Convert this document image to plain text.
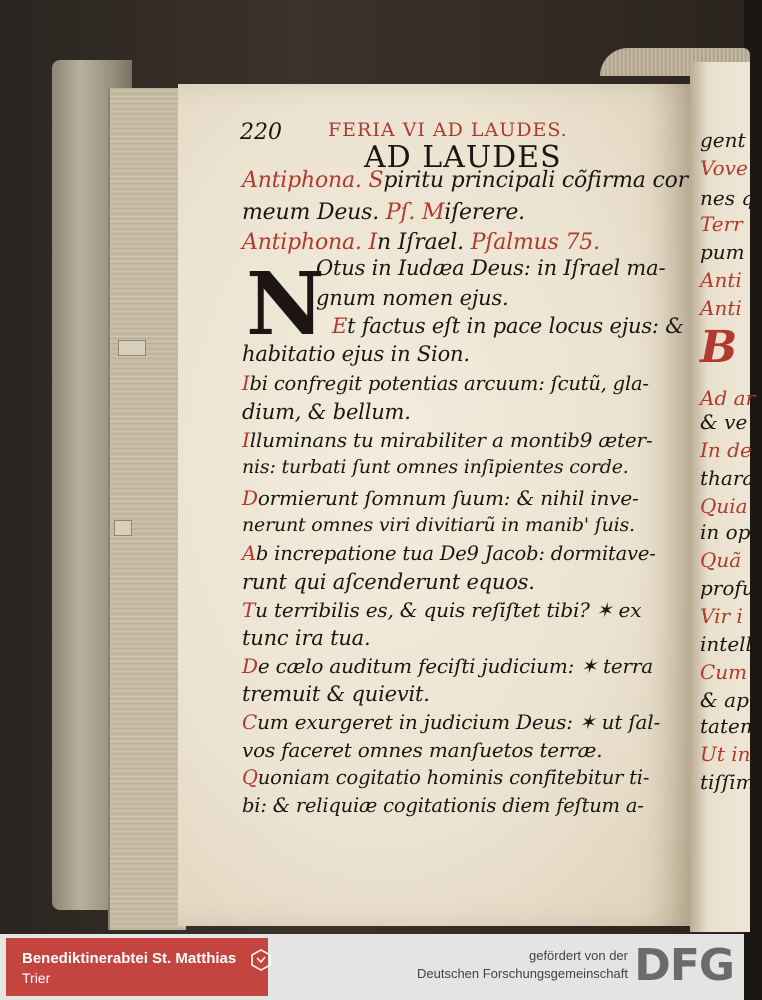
220 FERIA VI AD LAUDES.
AD LAUDES
Antiphona. Spiritu principali cõfirma cor
meum Deus. Pſ. Miſerere.
Antiphona. In Iſrael. Pſalmus 75.
N
Otus in Iudæa Deus: in Iſrael ma-
gnum nomen ejus.
Et factus eſt in pace locus ejus: &
habitatio ejus in Sion.
Ibi confregit potentias arcuum: ſcutũ, gla-
dium, & bellum.
Illuminans tu mirabiliter a montib9 æter-
nis: turbati ſunt omnes inſipientes corde.
Dormierunt ſomnum ſuum: & nihil inve-
nerunt omnes viri divitiarũ in manib' ſuis.
Ab increpatione tua De9 Jacob: dormitave-
runt qui aſcenderunt equos.
Tu terribilis es, & quis reſiſtet tibi? ✶ ex
tunc ira tua.
De cælo auditum feciſti judicium: ✶ terra
tremuit & quievit.
Cum exurgeret in judicium Deus: ✶ ut ſal-
vos faceret omnes manſuetos terræ.
Quoniam cogitatio hominis confitebitur ti-
bi: & reliquiæ cogitationis diem feſtum a-
gent
Vove
nes q
Terr
pum
Anti
Anti
B
Ad ar
& ve
In de
thara
Quia
in op
Quã
profu
Vir i
intell
Cum
& app
tatem
Ut in
tiſſim
Benediktinerabtei St. Matthias
Trier
gefördert von der
Deutschen Forschungsgemeinschaft DFG
